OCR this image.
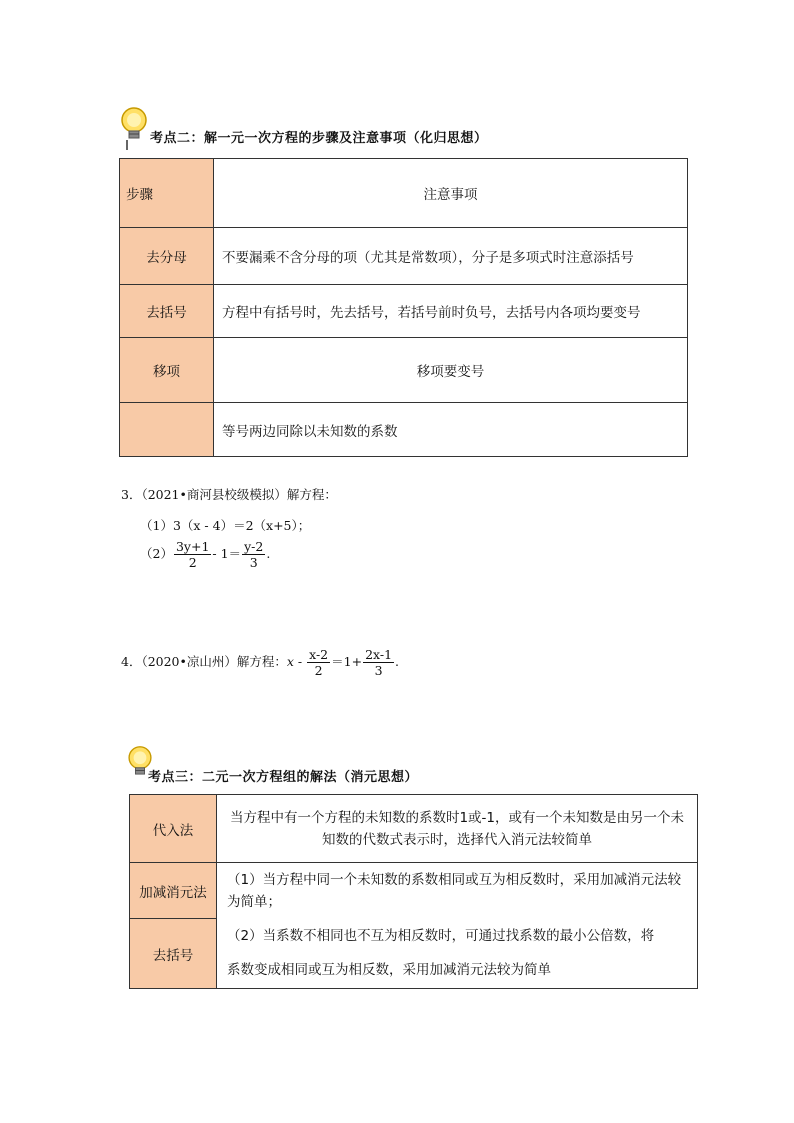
考点二：解一元一次方程的步骤及注意事项（化归思想）
步骤	注意事项
去分母	不要漏乘不含分母的项（尤其是常数项），分子是多项式时注意添括号
去括号	方程中有括号时，先去括号，若括号前时负号，去括号内各项均要变号
移项	移项要变号
	等号两边同除以未知数的系数
3．（2021•商河县校级模拟）解方程：
（1）3（x - 4）＝2（x+5）；
$(2) \frac{3y+1}{2} - 1= \frac{y-2}{3}$ .
4．（2020•凉山州）解方程：$x - \frac{x-2}{2} =1+ \frac{2x-1}{3}$ .
考点三：二元一次方程组的解法（消元思想）
代入法	当方程中有一个方程的未知数的系数时1或-1，或有一个未知数是由另一个未知数的代数式表示时，选择代入消元法较简单
加减消元法	（1）当方程中同一个未知数的系数相同或互为相反数时，采用加减消元法较为简单；
去括号	（2）当系数不相同也不互为相反数时，可通过找系数的最小公倍数，将
系数变成相同或互为相反数，采用加减消元法较为简单
